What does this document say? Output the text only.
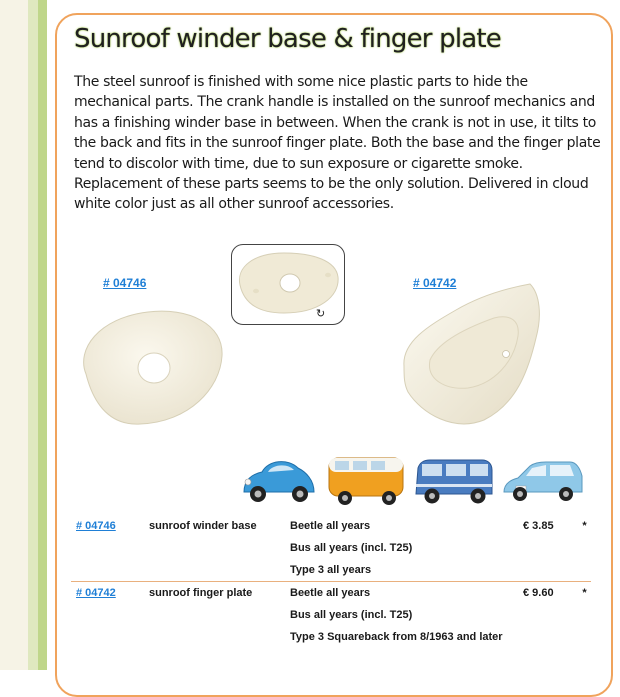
Sunroof winder base & finger plate

The steel sunroof is finished with some nice plastic parts to hide the mechanical parts. The crank handle is installed on the sunroof mechanics and has a finishing winder base in between. When the crank is not in use, it tilts to the back and fits in the sunroof finger plate. Both the base and the finger plate tend to discolor with time, due to sun exposure or cigarette smoke. Replacement of these parts seems to be the only solution. Delivered in cloud white color just as all other sunroof accessories.

# 04746	# 04742
↻
# 04746	sunroof winder base	Beetle all years	€ 3.85	*
		Bus all years (incl. T25)		
		Type 3 all years		
# 04742	sunroof finger plate	Beetle all years	€ 9.60	*
		Bus all years (incl. T25)		
		Type 3 Squareback from 8/1963 and later		
